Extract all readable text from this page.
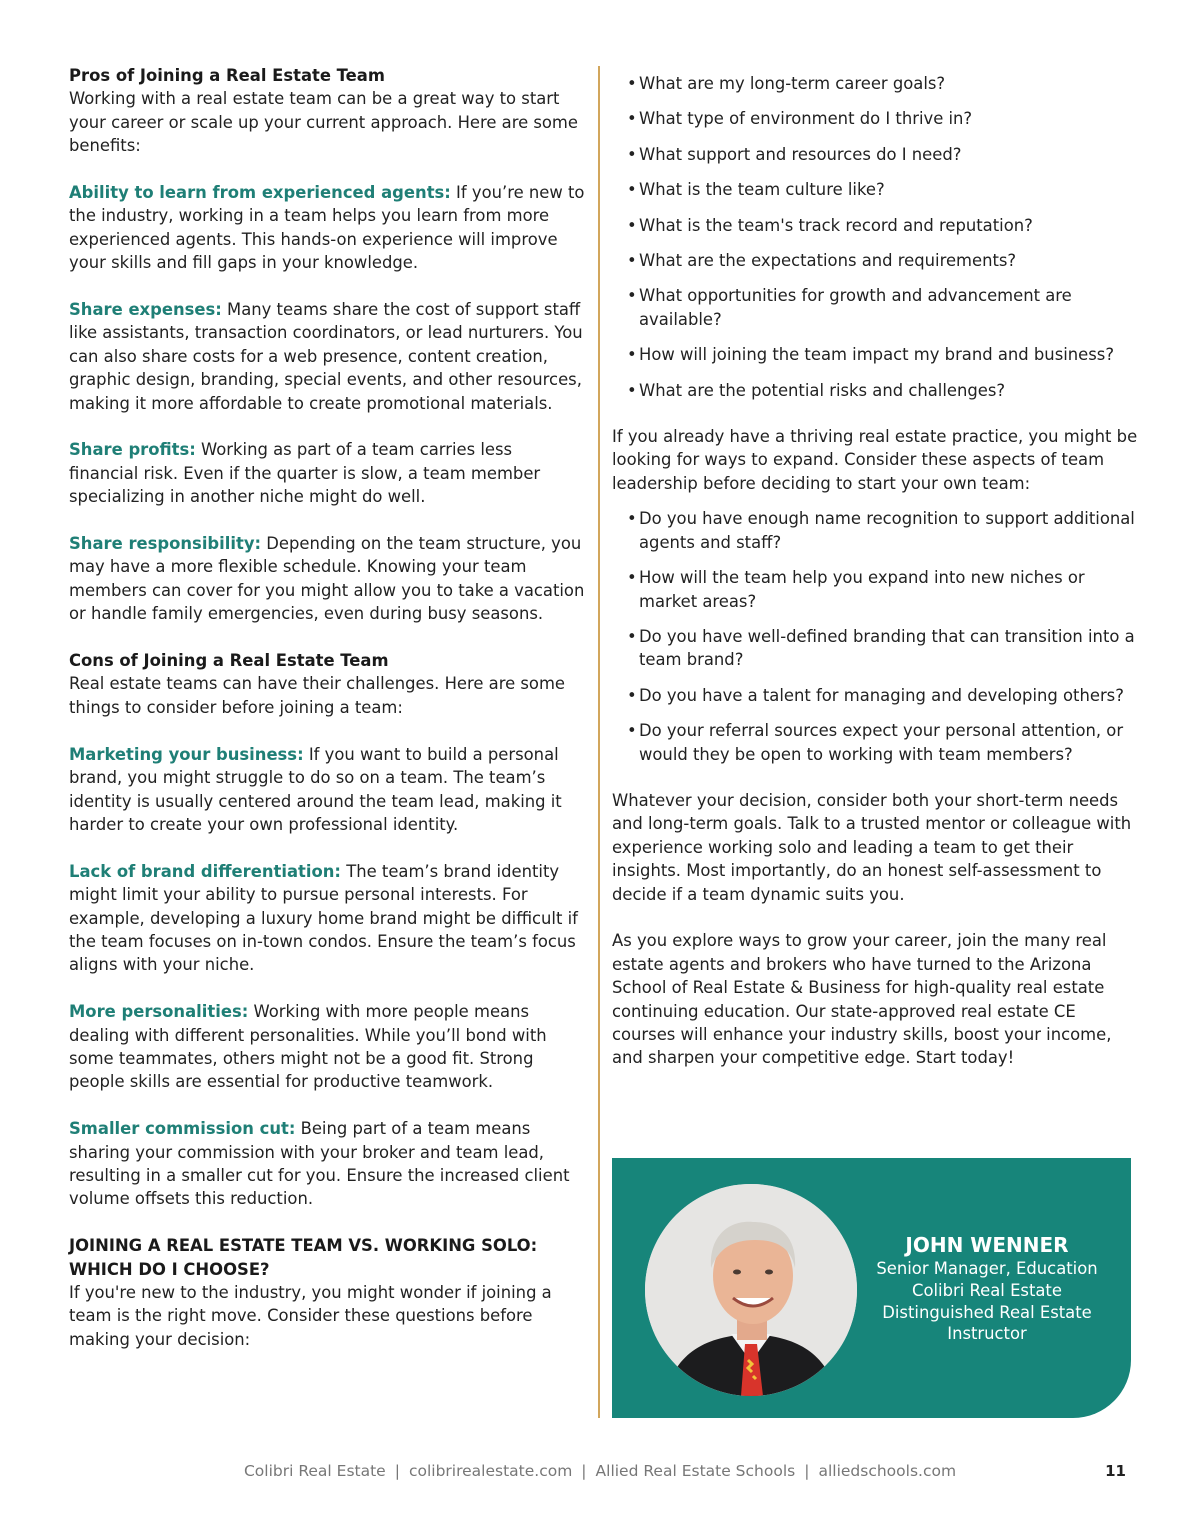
Pros of Joining a Real Estate Team

Working with a real estate team can be a great way to start your career or scale up your current approach. Here are some benefits:

Ability to learn from experienced agents: If you’re new to the industry, working in a team helps you learn from more experienced agents. This hands-on experience will improve your skills and fill gaps in your knowledge.

Share expenses: Many teams share the cost of support staff like assistants, transaction coordinators, or lead nurturers. You can also share costs for a web presence, content creation, graphic design, branding, special events, and other resources, making it more affordable to create promotional materials.

Share profits: Working as part of a team carries less financial risk. Even if the quarter is slow, a team member specializing in another niche might do well.

Share responsibility: Depending on the team structure, you may have a more flexible schedule. Knowing your team members can cover for you might allow you to take a vacation or handle family emergencies, even during busy seasons.

Cons of Joining a Real Estate Team

Real estate teams can have their challenges. Here are some things to consider before joining a team:

Marketing your business: If you want to build a personal brand, you might struggle to do so on a team. The team’s identity is usually centered around the team lead, making it harder to create your own professional identity.

Lack of brand differentiation: The team’s brand identity might limit your ability to pursue personal interests. For example, developing a luxury home brand might be difficult if the team focuses on in-town condos. Ensure the team’s focus aligns with your niche.

More personalities: Working with more people means dealing with different personalities. While you’ll bond with some teammates, others might not be a good fit. Strong people skills are essential for productive teamwork.

Smaller commission cut: Being part of a team means sharing your commission with your broker and team lead, resulting in a smaller cut for you. Ensure the increased client volume offsets this reduction.

JOINING A REAL ESTATE TEAM VS. WORKING SOLO:
WHICH DO I CHOOSE?

If you're new to the industry, you might wonder if joining a team is the right move. Consider these questions before making your decision:

• What are my long-term career goals?
• What type of environment do I thrive in?
• What support and resources do I need?
• What is the team culture like?
• What is the team's track record and reputation?
• What are the expectations and requirements?
• What opportunities for growth and advancement are available?
• How will joining the team impact my brand and business?
• What are the potential risks and challenges?

If you already have a thriving real estate practice, you might be looking for ways to expand. Consider these aspects of team leadership before deciding to start your own team:

• Do you have enough name recognition to support additional agents and staff?
• How will the team help you expand into new niches or market areas?
• Do you have well-defined branding that can transition into a team brand?
• Do you have a talent for managing and developing others?
• Do your referral sources expect your personal attention, or would they be open to working with team members?

Whatever your decision, consider both your short-term needs and long-term goals. Talk to a trusted mentor or colleague with experience working solo and leading a team to get their insights. Most importantly, do an honest self-assessment to decide if a team dynamic suits you.

As you explore ways to grow your career, join the many real estate agents and brokers who have turned to the Arizona School of Real Estate & Business for high-quality real estate continuing education. Our state-approved real estate CE courses will enhance your industry skills, boost your income, and sharpen your competitive edge. Start today!

JOHN WENNER
Senior Manager, Education
Colibri Real Estate
Distinguished Real Estate
Instructor
Colibri Real Estate | colibrirealestate.com | Allied Real Estate Schools | alliedschools.com	11
